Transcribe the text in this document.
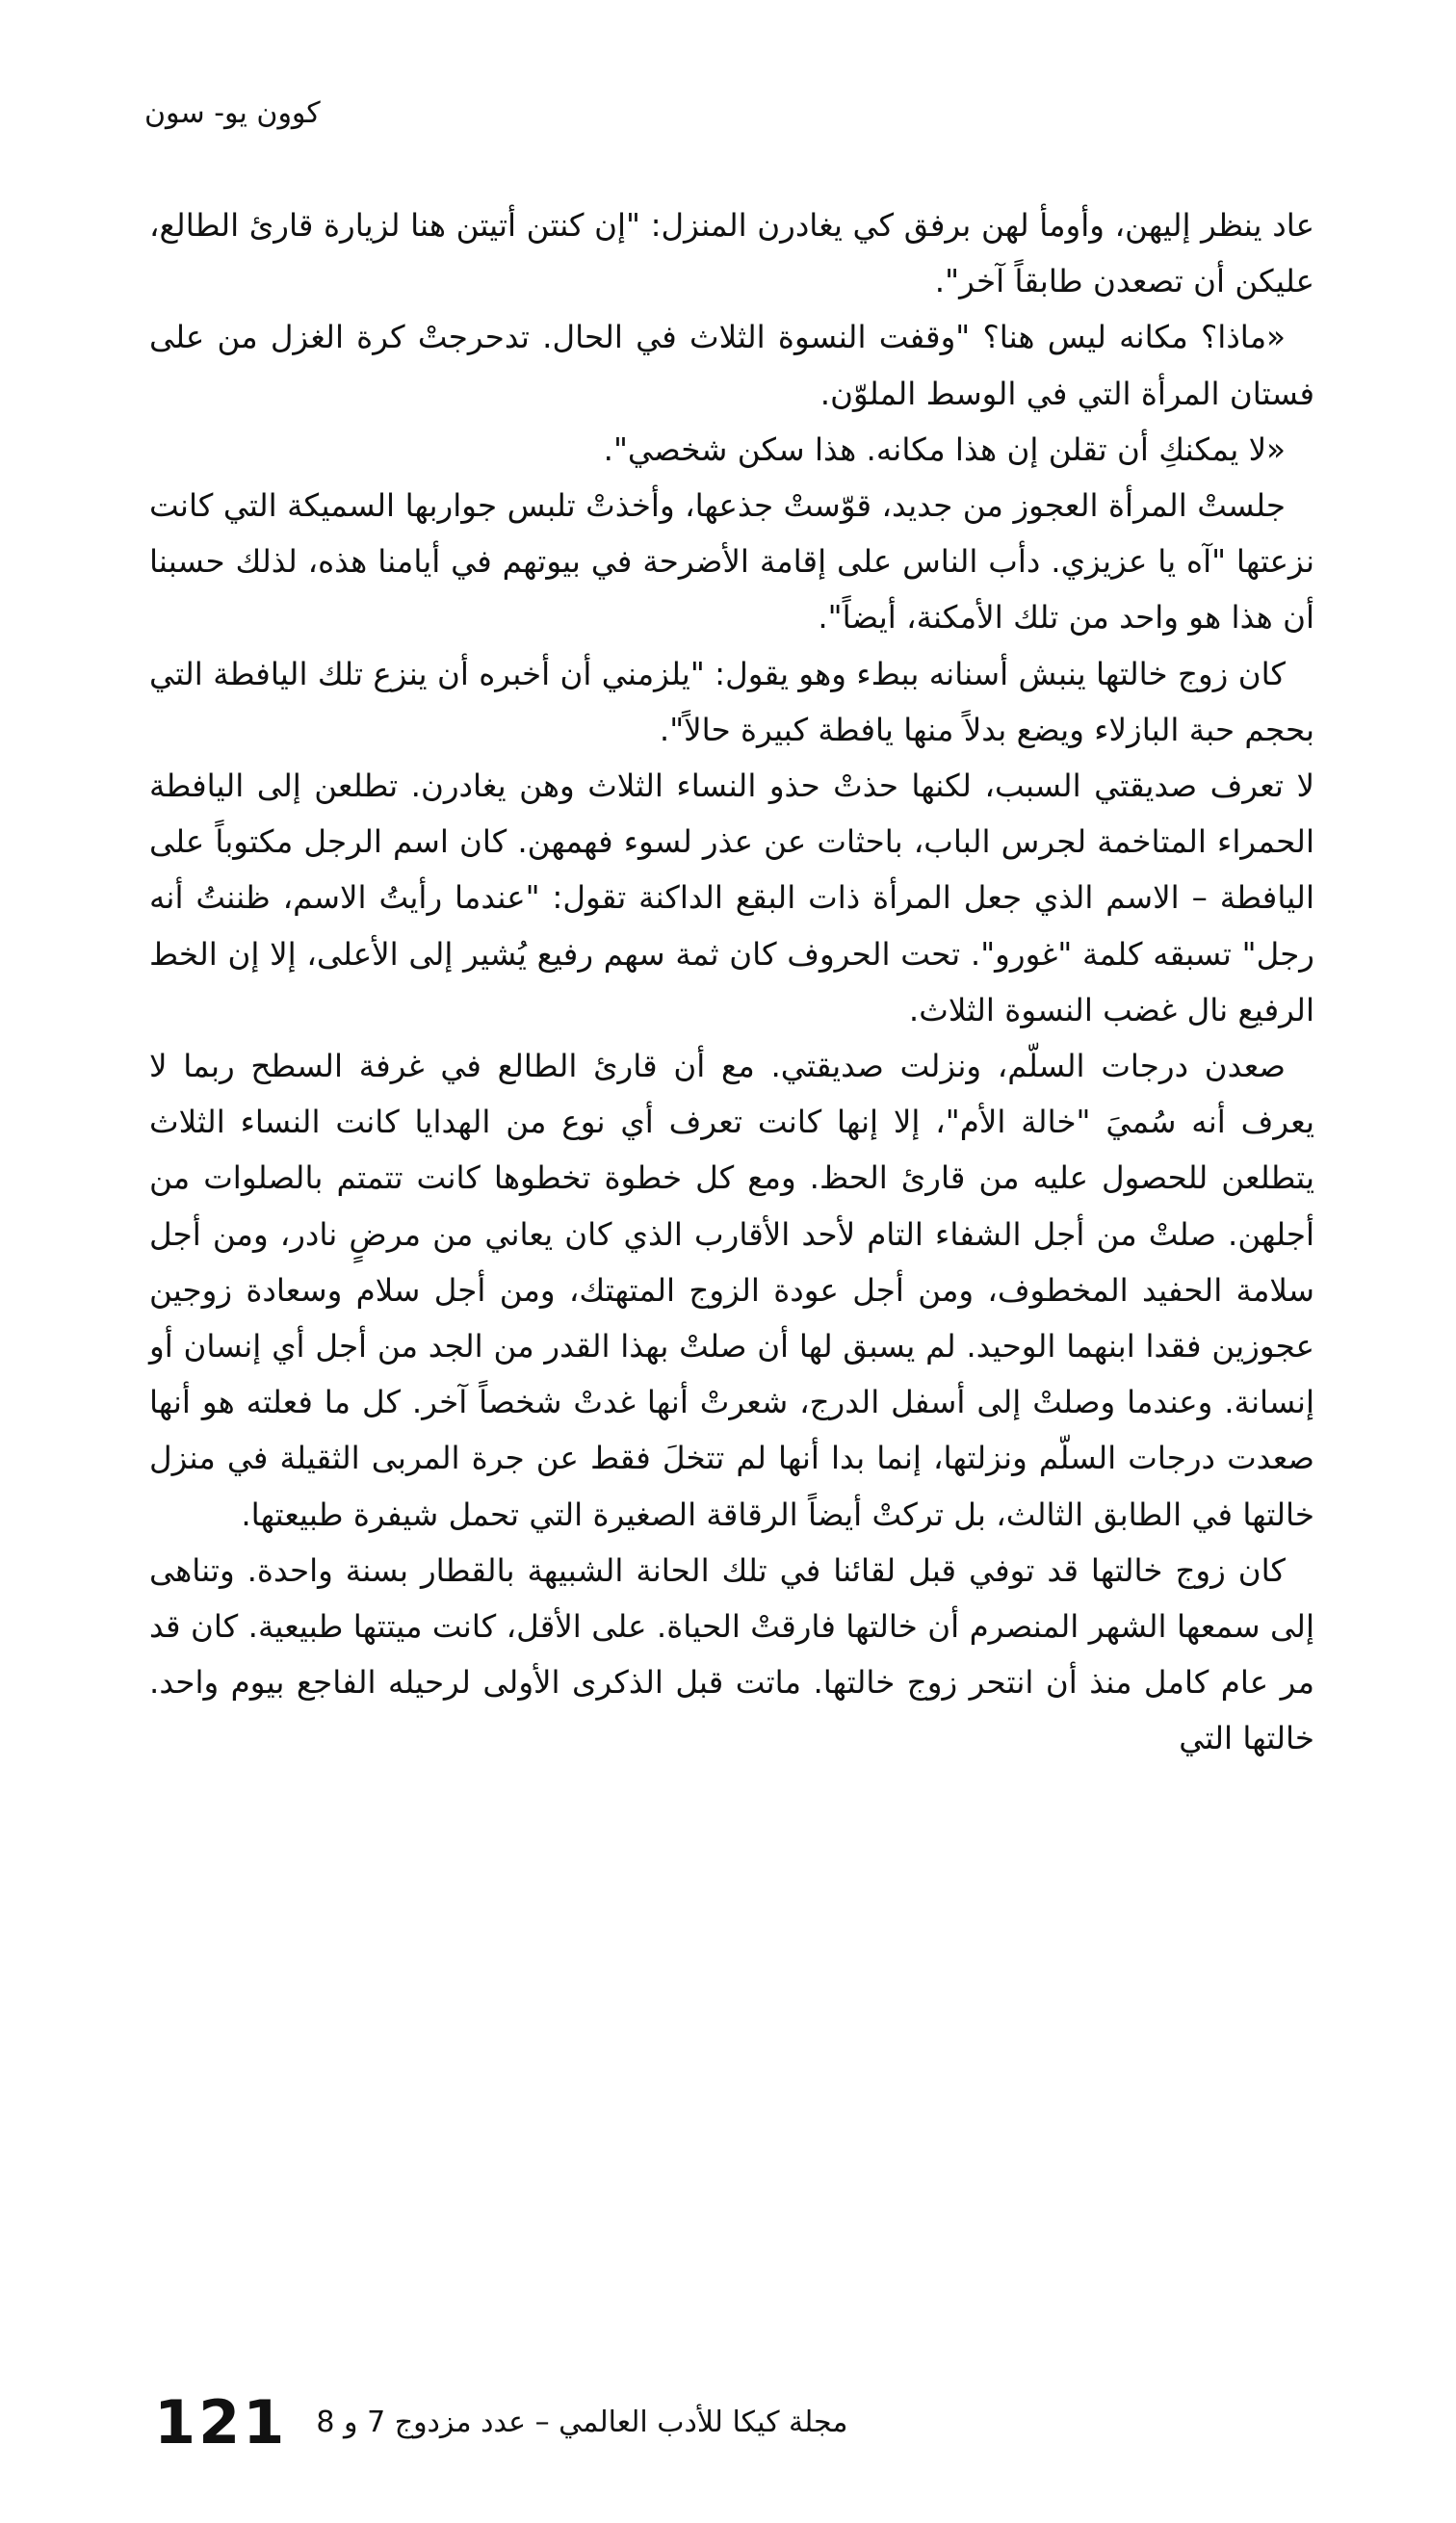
كوون يو- سون

عاد ينظر إليهن، وأومأ لهن برفق كي يغادرن المنزل: "إن كنتن أتيتن هنا لزيارة قارئ الطالع، عليكن أن تصعدن طابقاً آخر".

«ماذا؟ مكانه ليس هنا؟ "وقفت النسوة الثلاث في الحال. تدحرجتْ كرة الغزل من على فستان المرأة التي في الوسط الملوّن.

«لا يمكنكِ أن تقلن إن هذا مكانه. هذا سكن شخصي".

جلستْ المرأة العجوز من جديد، قوّستْ جذعها، وأخذتْ تلبس جواربها السميكة التي كانت نزعتها "آه يا عزيزي. دأب الناس على إقامة الأضرحة في بيوتهم في أيامنا هذه، لذلك حسبنا أن هذا هو واحد من تلك الأمكنة، أيضاً".

كان زوج خالتها ينبش أسنانه ببطء وهو يقول: "يلزمني أن أخبره أن ينزع تلك اليافطة التي بحجم حبة البازلاء ويضع بدلاً منها يافطة كبيرة حالاً".

لا تعرف صديقتي السبب، لكنها حذتْ حذو النساء الثلاث وهن يغادرن. تطلعن إلى اليافطة الحمراء المتاخمة لجرس الباب، باحثات عن عذر لسوء فهمهن. كان اسم الرجل مكتوباً على اليافطة – الاسم الذي جعل المرأة ذات البقع الداكنة تقول: "عندما رأيتُ الاسم، ظننتُ أنه رجل" تسبقه كلمة "غورو". تحت الحروف كان ثمة سهم رفيع يُشير إلى الأعلى، إلا إن الخط الرفيع نال غضب النسوة الثلاث.

صعدن درجات السلّم، ونزلت صديقتي. مع أن قارئ الطالع في غرفة السطح ربما لا يعرف أنه سُميَ "خالة الأم"، إلا إنها كانت تعرف أي نوع من الهدايا كانت النساء الثلاث يتطلعن للحصول عليه من قارئ الحظ. ومع كل خطوة تخطوها كانت تتمتم بالصلوات من أجلهن. صلتْ من أجل الشفاء التام لأحد الأقارب الذي كان يعاني من مرضٍ نادر، ومن أجل سلامة الحفيد المخطوف، ومن أجل عودة الزوج المتهتك، ومن أجل سلام وسعادة زوجين عجوزين فقدا ابنهما الوحيد. لم يسبق لها أن صلتْ بهذا القدر من الجد من أجل أي إنسان أو إنسانة. وعندما وصلتْ إلى أسفل الدرج، شعرتْ أنها غدتْ شخصاً آخر. كل ما فعلته هو أنها صعدت درجات السلّم ونزلتها، إنما بدا أنها لم تتخلَ فقط عن جرة المربى الثقيلة في منزل خالتها في الطابق الثالث، بل تركتْ أيضاً الرقاقة الصغيرة التي تحمل شيفرة طبيعتها.

كان زوج خالتها قد توفي قبل لقائنا في تلك الحانة الشبيهة بالقطار بسنة واحدة. وتناهى إلى سمعها الشهر المنصرم أن خالتها فارقتْ الحياة. على الأقل، كانت ميتتها طبيعية. كان قد مر عام كامل منذ أن انتحر زوج خالتها. ماتت قبل الذكرى الأولى لرحيله الفاجع بيوم واحد. خالتها التي

121 مجلة كيكا للأدب العالمي – عدد مزدوج 7 و 8
